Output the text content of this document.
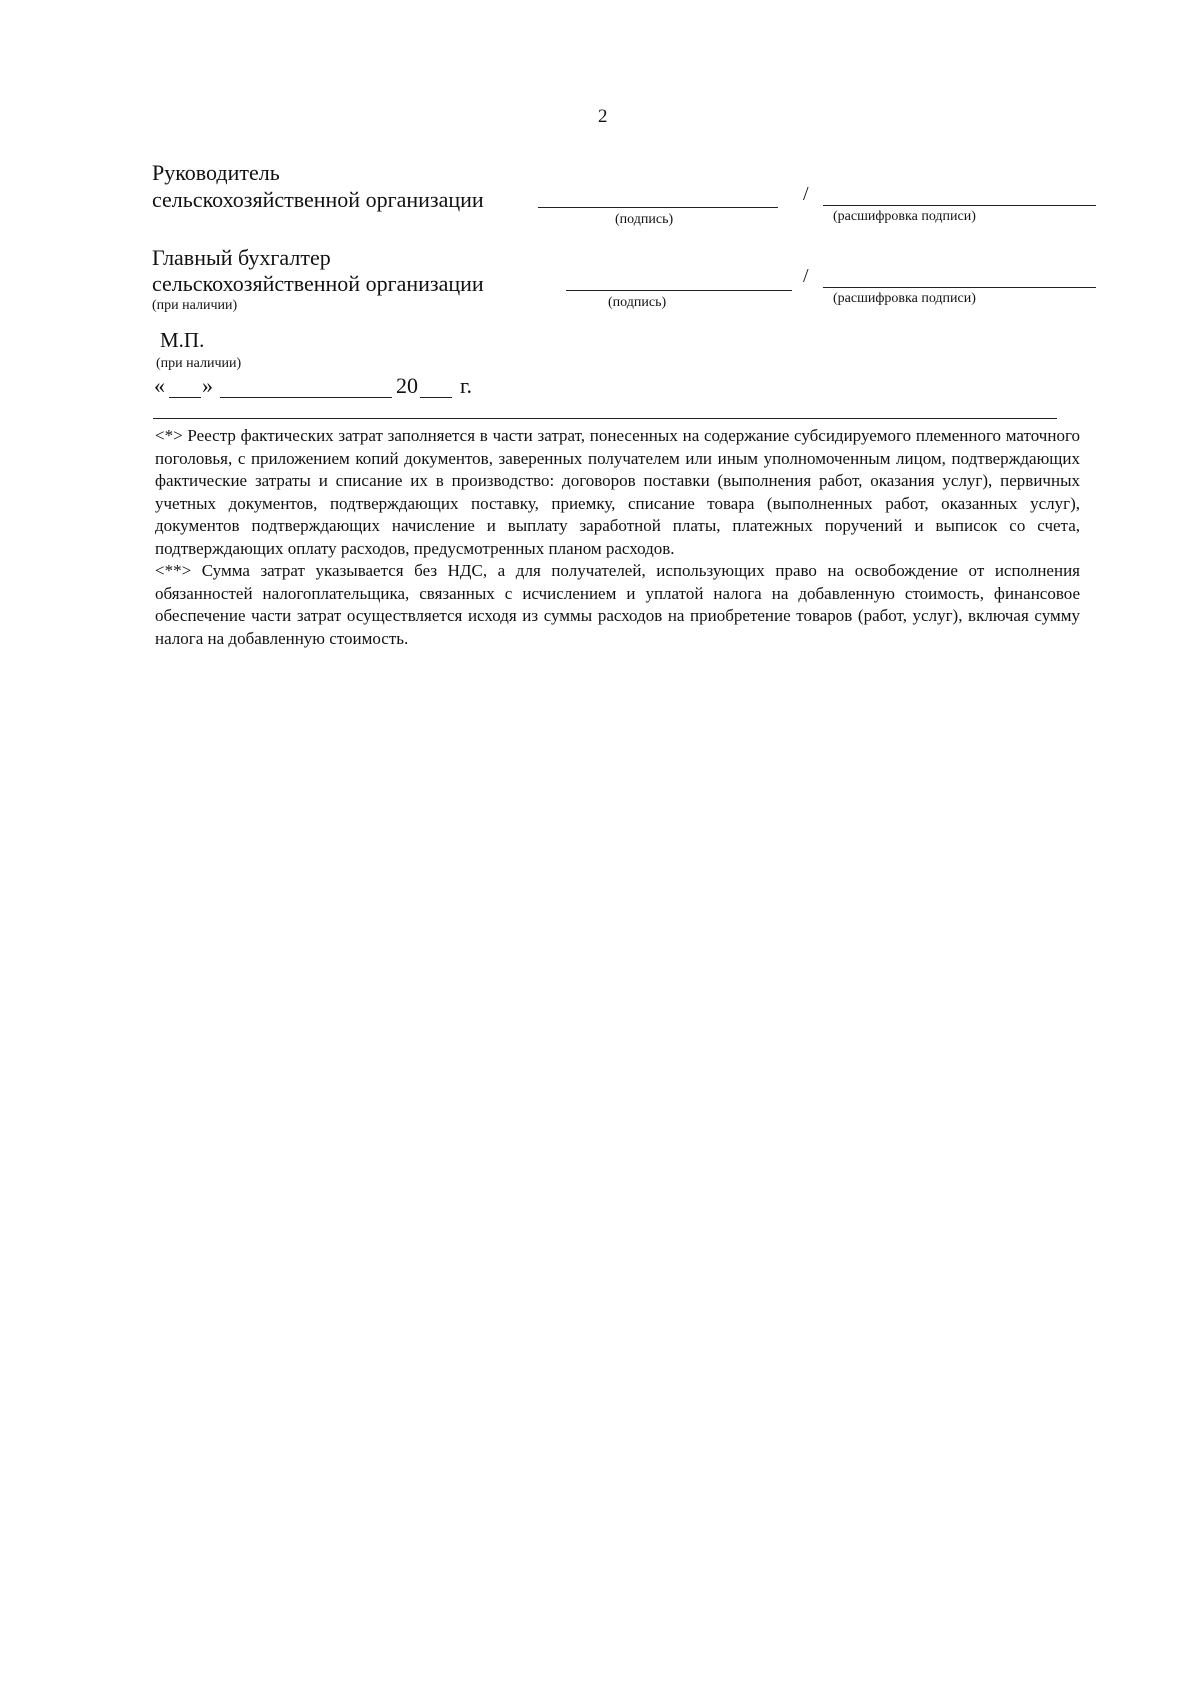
2
Руководитель
сельскохозяйственной организации
(подпись)
/
(расшифровка подписи)
Главный бухгалтер
сельскохозяйственной организации
(при наличии)	(подпись)
/
(расшифровка подписи)
М.П.
(при наличии)
« »	20 г.

<*> Реестр фактических затрат заполняется в части затрат, понесенных на содержание субсидируемого племенного маточного поголовья, с приложением копий документов, заверенных получателем или иным уполномоченным лицом, подтверждающих фактические затраты и списание их в производство: договоров поставки (выполнения работ, оказания услуг), первичных учетных документов, подтверждающих поставку, приемку, списание товара (выполненных работ, оказанных услуг), документов подтверждающих начисление и выплату заработной платы, платежных поручений и выписок со счета, подтверждающих оплату расходов, предусмотренных планом расходов.

<**> Сумма затрат указывается без НДС, а для получателей, использующих право на освобождение от исполнения обязанностей налогоплательщика, связанных с исчислением и уплатой налога на добавленную стоимость, финансовое обеспечение части затрат осуществляется исходя из суммы расходов на приобретение товаров (работ, услуг), включая сумму налога на добавленную стоимость.
